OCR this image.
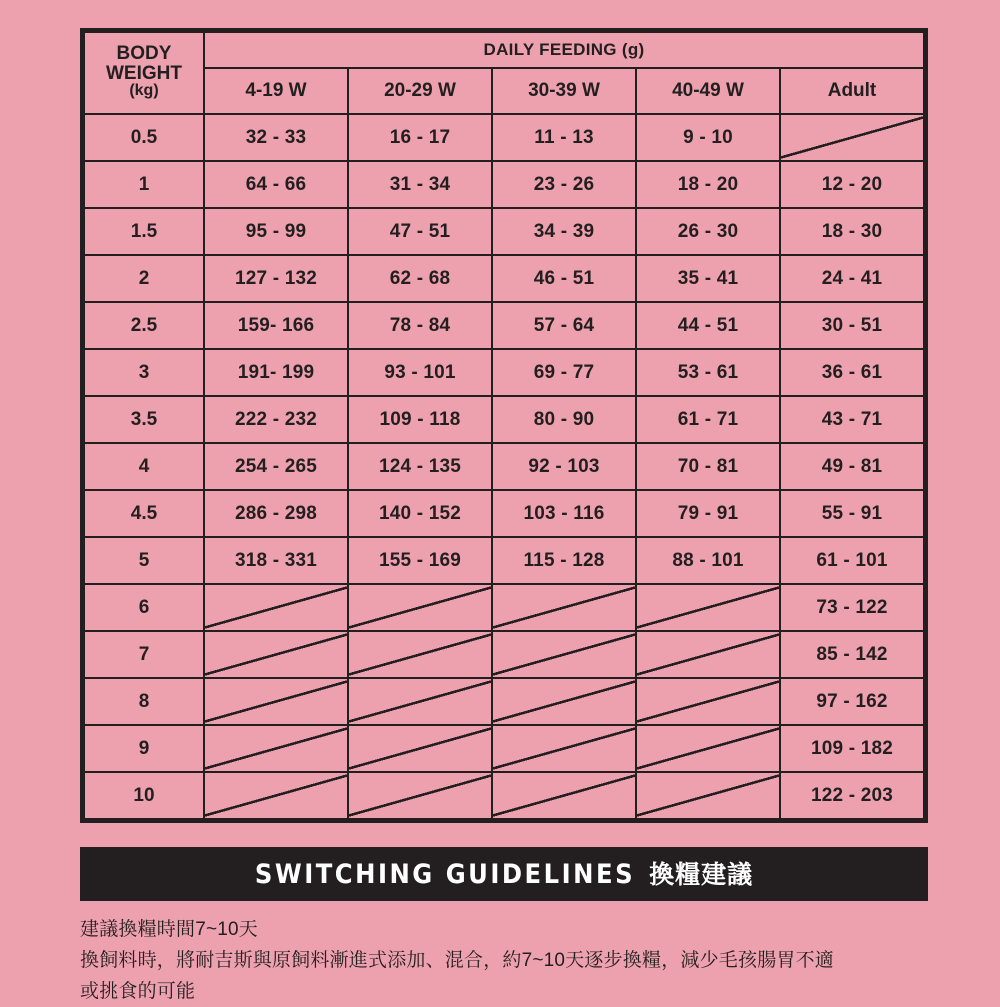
BODY
WEIGHT
(kg)	DAILY FEEDING (g)				
	4-19 W	20-29 W	30-39 W	40-49 W	Adult
0.5	32 - 33	16 - 17	11 - 13	9 - 10	
1	64 - 66	31 - 34	23 - 26	18 - 20	12 - 20
1.5	95 - 99	47 - 51	34 - 39	26 - 30	18 - 30
2	127 - 132	62 - 68	46 - 51	35 - 41	24 - 41
2.5	159- 166	78 - 84	57 - 64	44 - 51	30 - 51
3	191- 199	93 - 101	69 - 77	53 - 61	36 - 61
3.5	222 - 232	109 - 118	80 - 90	61 - 71	43 - 71
4	254 - 265	124 - 135	92 - 103	70 - 81	49 - 81
4.5	286 - 298	140 - 152	103 - 116	79 - 91	55 - 91
5	318 - 331	155 - 169	115 - 128	88 - 101	61 - 101
6					73 - 122
7					85 - 142
8					97 - 162
9					109 - 182
10					122 - 203
SWITCHING GUIDELINES 換糧建議

建議換糧時間7~10天

換飼料時，將耐吉斯與原飼料漸進式添加、混合，約7~10天逐步換糧，減少毛孩腸胃不適

或挑食的可能
